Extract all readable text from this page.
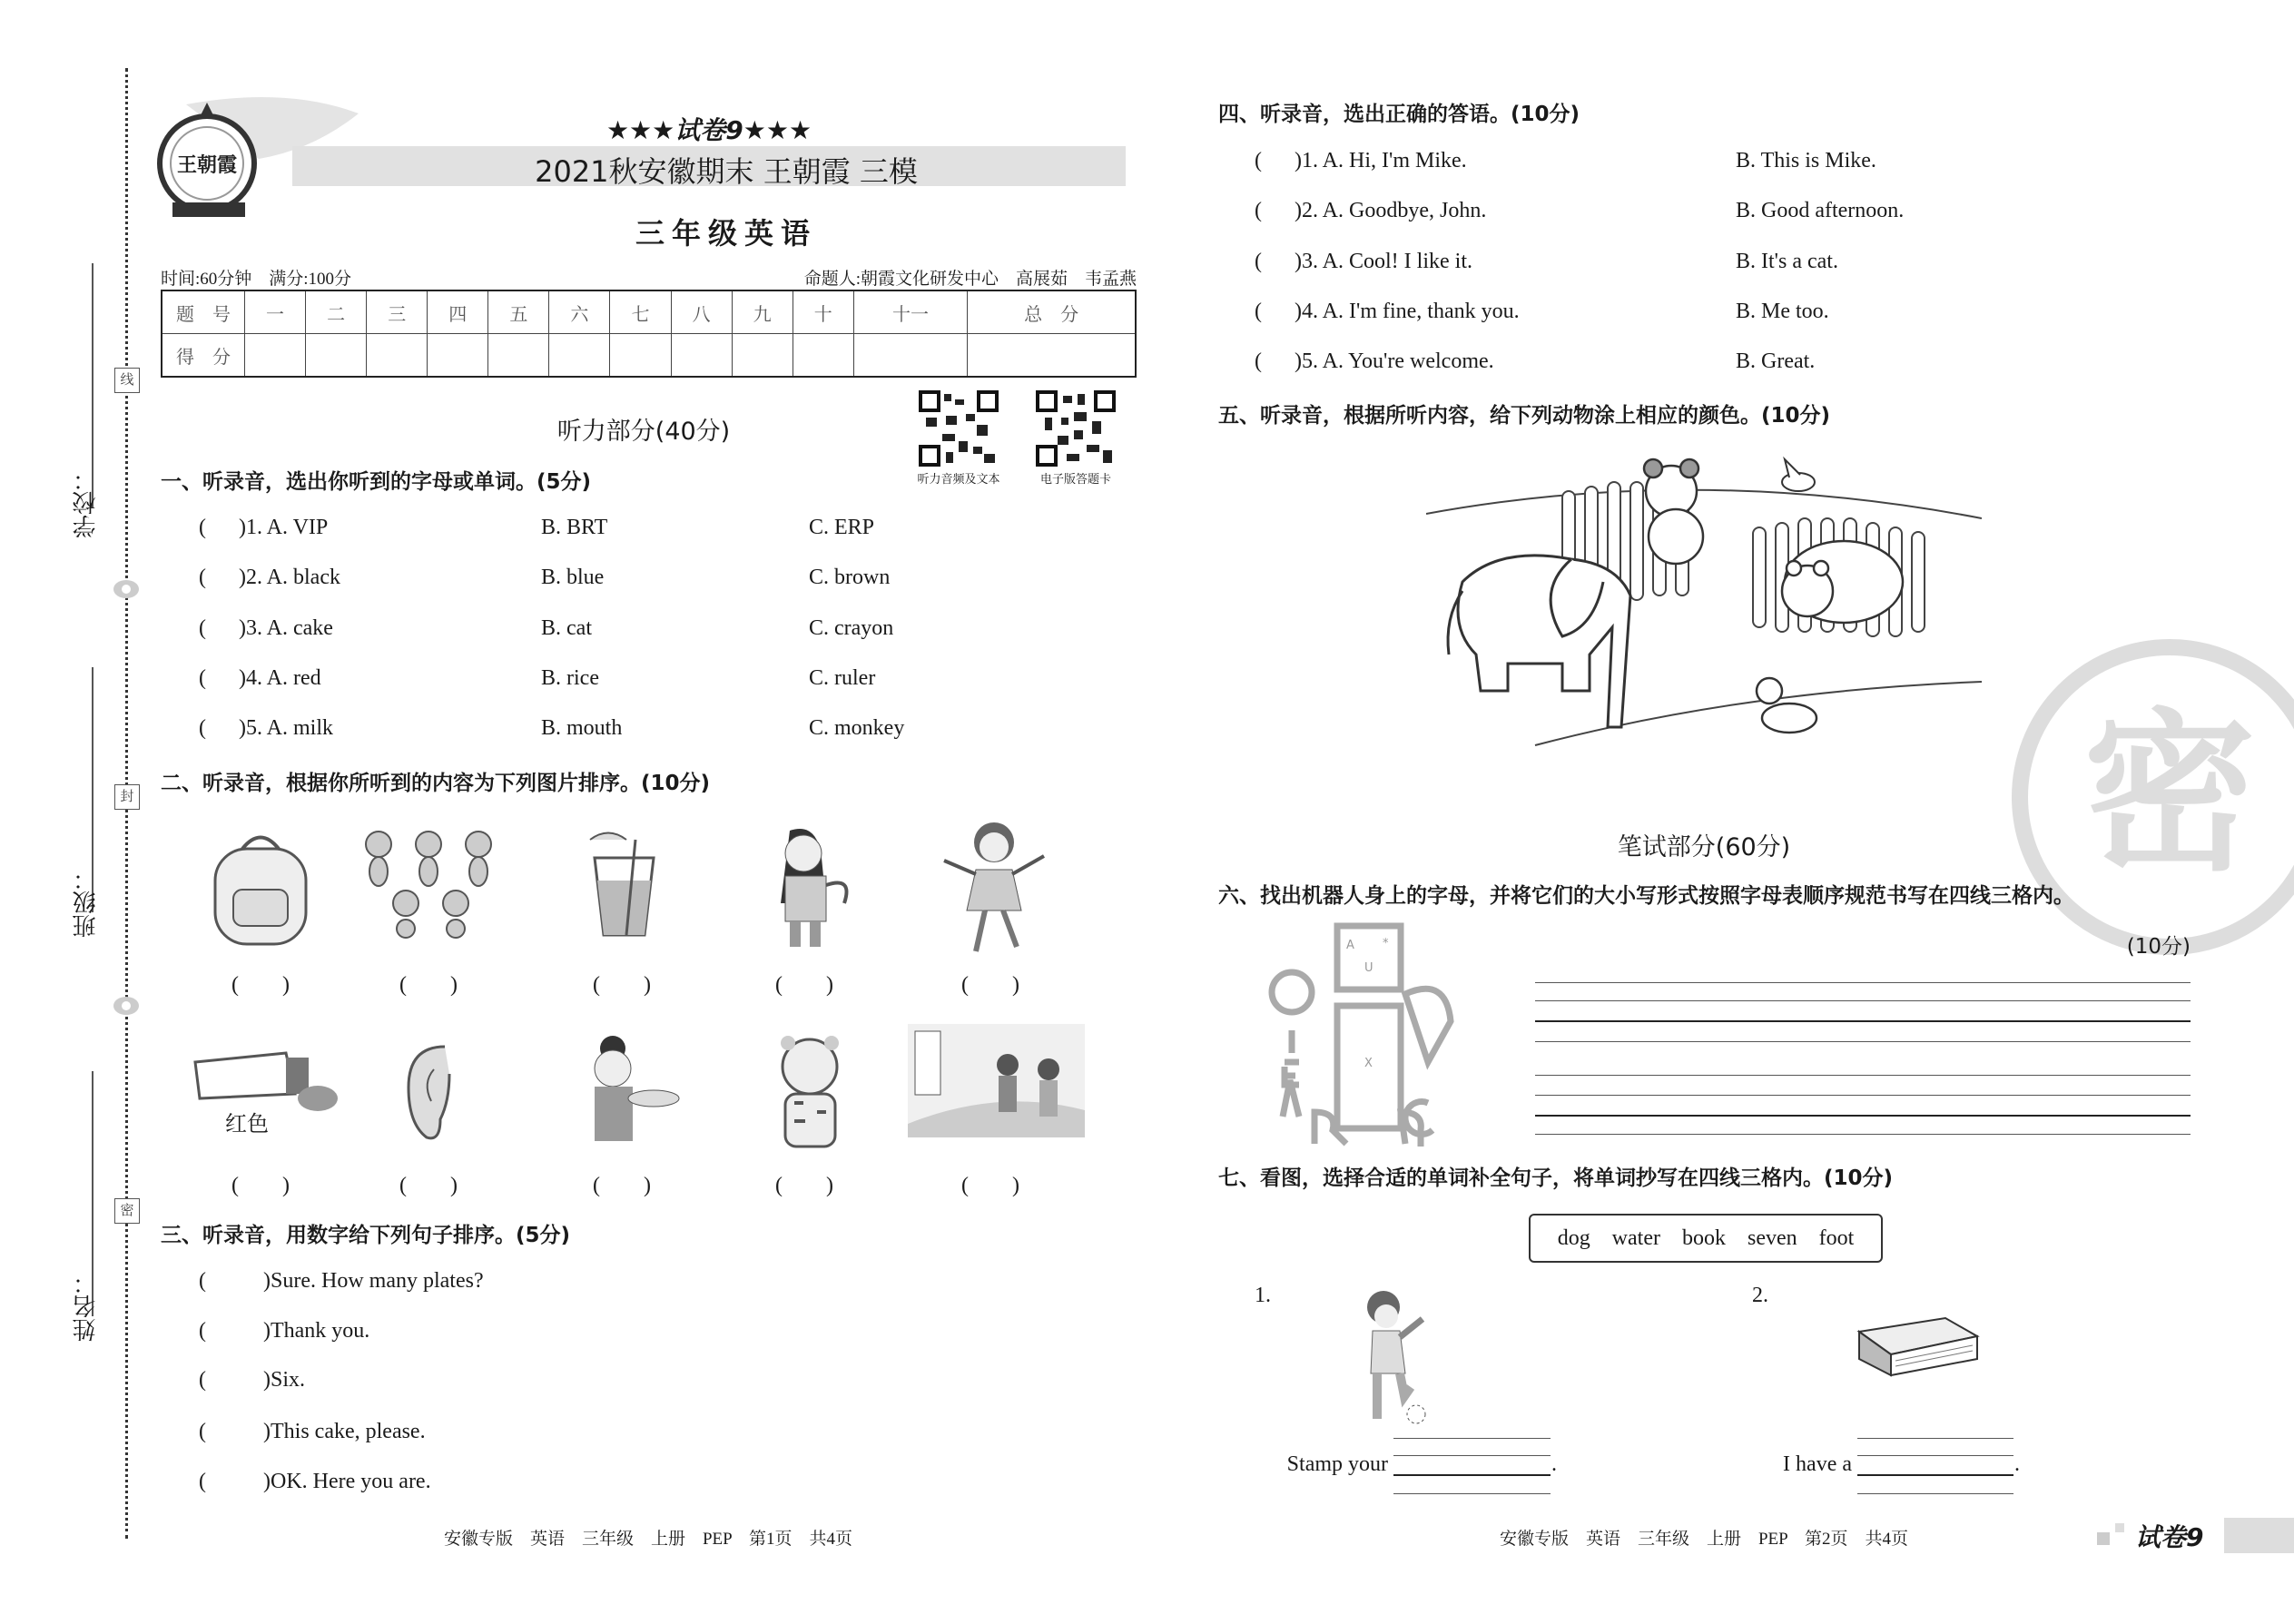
线
封
密
学校：
班级：
姓名：
王朝霞
★★★试卷9★★★
2021秋安徽期末 王朝霞 三模
三年级英语
时间:60分钟　满分:100分	命题人:朝霞文化研发中心　高展茹　韦孟燕
题　号	一	二	三	四	五	六	七	八	九	十	十一	总　分
得　分												
听力部分(40分)
听力音频及文本	电子版答题卡
一、听录音，选出你听到的字母或单词。(5分)
( )1. A. VIP	B. BRT	C. ERP
( )2. A. black	B. blue	C. brown
( )3. A. cake	B. cat	C. crayon
( )4. A. red	B. rice	C. ruler
( )5. A. milk	B. mouth	C. monkey
二、听录音，根据你所听到的内容为下列图片排序。(10分)
(　　)	(　　)	(　　)	(　　)	(　　)
红色
(　　)	(　　)	(　　)	(　　)	(　　)
三、听录音，用数字给下列句子排序。(5分)
(	)Sure. How many plates?
(	)Thank you.
(	)Six.
(	)This cake, please.
(	)OK. Here you are.
安徽专版　英语　三年级　上册　PEP　第1页　共4页
密
四、听录音，选出正确的答语。(10分)
( )1. A. Hi, I'm Mike.	B. This is Mike.
( )2. A. Goodbye, John.	B. Good afternoon.
( )3. A. Cool! I like it.	B. It's a cat.
( )4. A. I'm fine, thank you.	B. Me too.
( )5. A. You're welcome.	B. Great.
五、听录音，根据所听内容，给下列动物涂上相应的颜色。(10分)
笔试部分(60分)
六、找出机器人身上的字母，并将它们的大小写形式按照字母表顺序规范书写在四线三格内。
(10分)
A *
U
X
七、看图，选择合适的单词补全句子，将单词抄写在四线三格内。(10分)
dog　water　book　seven　foot
1.
Stamp your	.
2.
I have a	.
安徽专版　英语　三年级　上册　PEP　第2页　共4页	试卷9
